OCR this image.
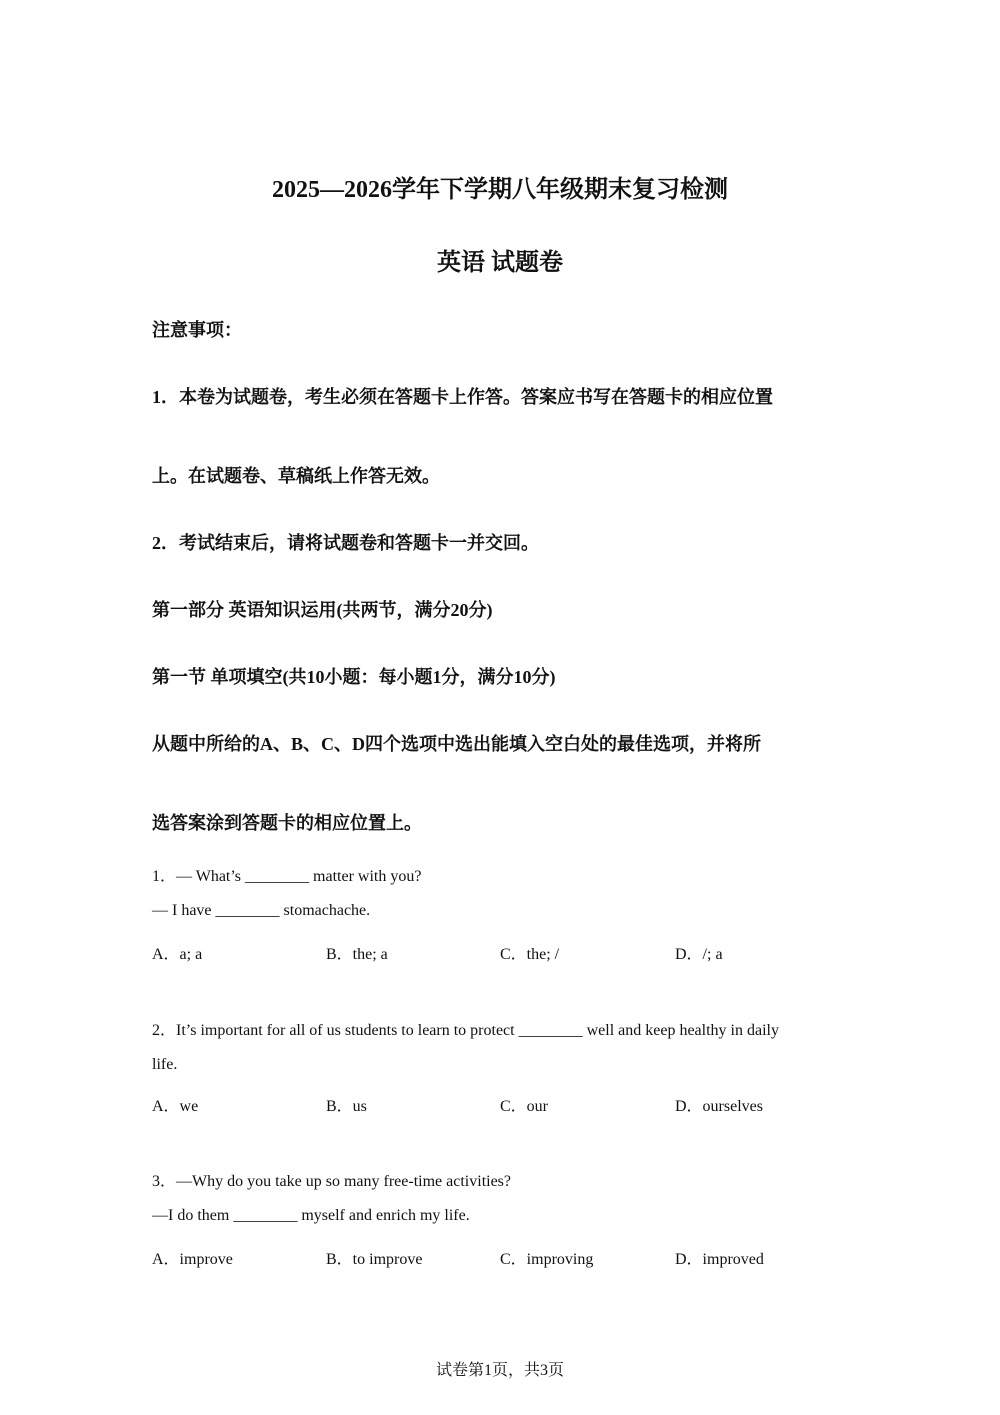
2025—2026学年下学期八年级期末复习检测
英语 试题卷
注意事项：
1．本卷为试题卷，考生必须在答题卡上作答。答案应书写在答题卡的相应位置
上。在试题卷、草稿纸上作答无效。
2．考试结束后，请将试题卷和答题卡一并交回。
第一部分 英语知识运用(共两节，满分20分)
第一节 单项填空(共10小题：每小题1分，满分10分)
从题中所给的A、B、C、D四个选项中选出能填入空白处的最佳选项，并将所
选答案涂到答题卡的相应位置上。
1．— What’s ________ matter with you?
— I have ________ stomachache.
A．a; a	B．the; a	C．the; /	D．/; a
2．It’s important for all of us students to learn to protect ________ well and keep healthy in daily
life.
A．we	B．us	C．our	D．ourselves
3．—Why do you take up so many free-time activities?
—I do them ________ myself and enrich my life.
A．improve	B．to improve	C．improving	D．improved
试卷第1页，共3页
